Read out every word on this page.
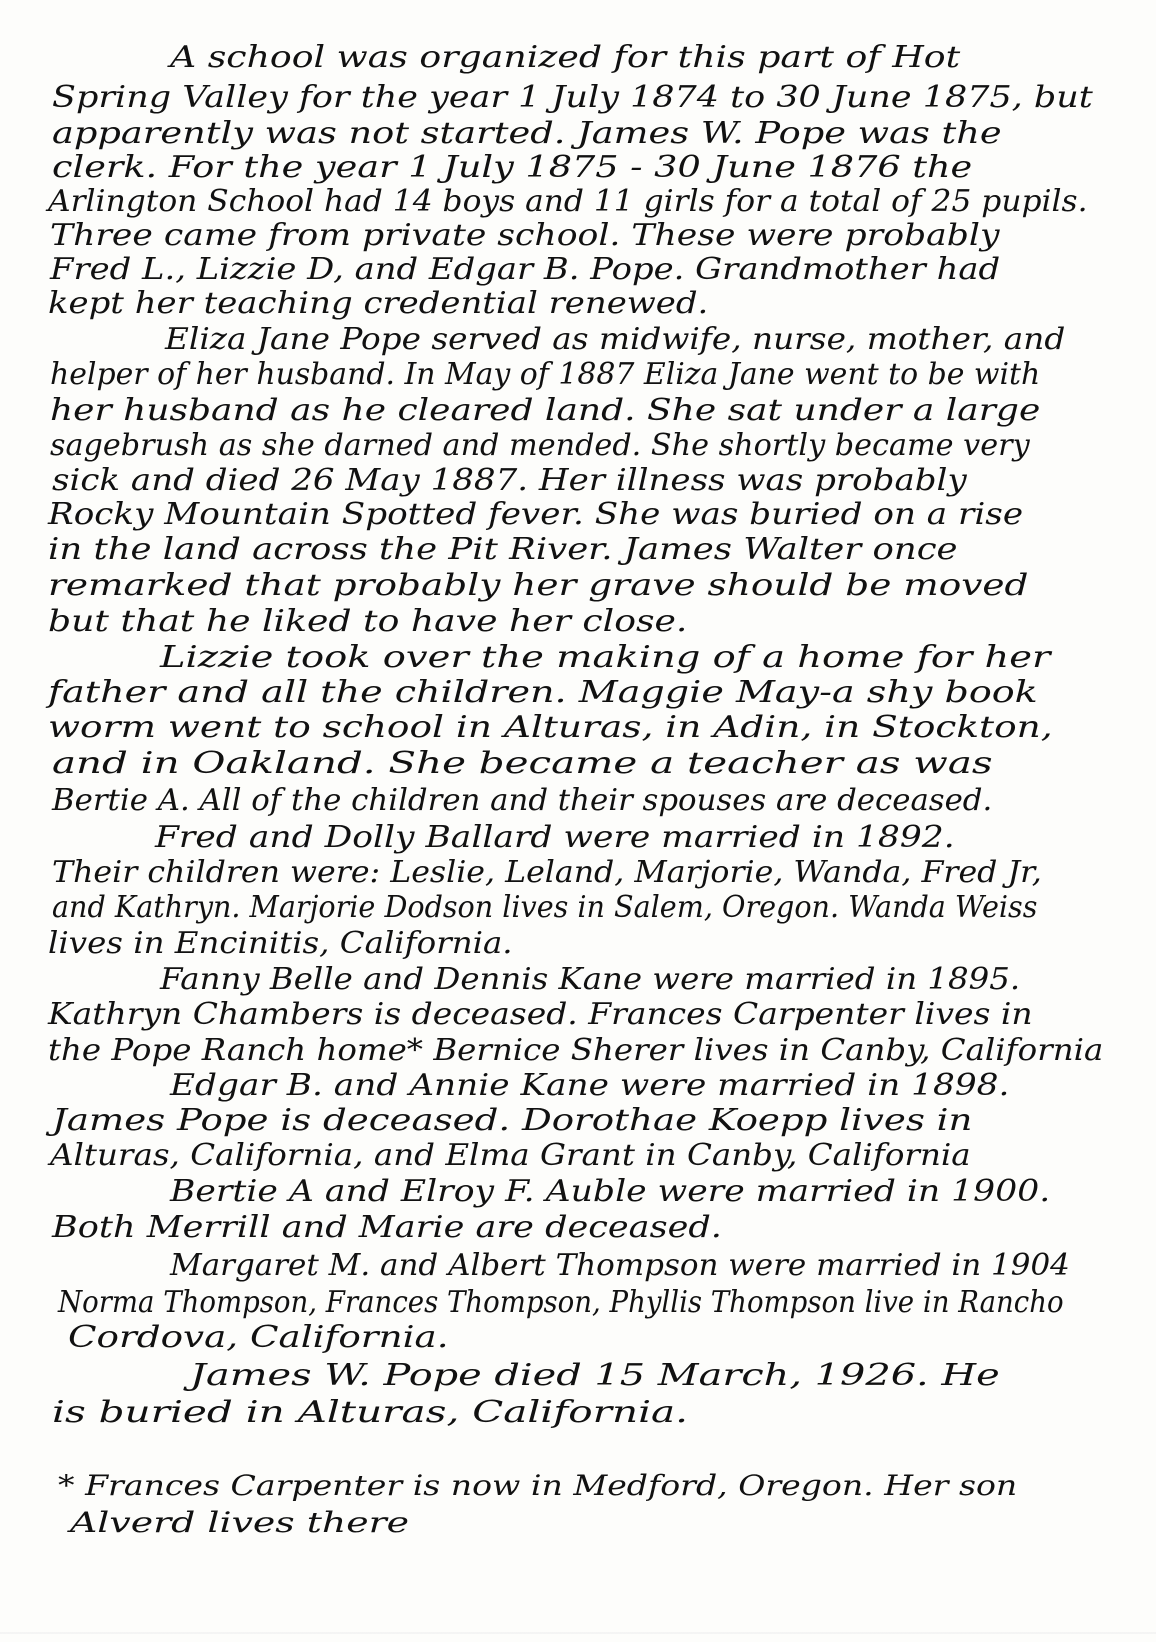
A school was organized for this part of Hot
Spring Valley for the year 1 July 1874 to 30 June 1875, but
apparently was not started. James W. Pope was the
clerk. For the year 1 July 1875 - 30 June 1876 the
Arlington School had 14 boys and 11 girls for a total of 25 pupils.
Three came from private school. These were probably
Fred L., Lizzie D, and Edgar B. Pope. Grandmother had
kept her teaching credential renewed.
Eliza Jane Pope served as midwife, nurse, mother, and
helper of her husband. In May of 1887 Eliza Jane went to be with
her husband as he cleared land. She sat under a large
sagebrush as she darned and mended. She shortly became very
sick and died 26 May 1887. Her illness was probably
Rocky Mountain Spotted fever. She was buried on a rise
in the land across the Pit River. James Walter once
remarked that probably her grave should be moved
but that he liked to have her close.
Lizzie took over the making of a home for her
father and all the children. Maggie May-a shy book
worm went to school in Alturas, in Adin, in Stockton,
and in Oakland. She became a teacher as was
Bertie A. All of the children and their spouses are deceased.
Fred and Dolly Ballard were married in 1892.
Their children were: Leslie, Leland, Marjorie, Wanda, Fred Jr,
and Kathryn. Marjorie Dodson lives in Salem, Oregon. Wanda Weiss
lives in Encinitis, California.
Fanny Belle and Dennis Kane were married in 1895.
Kathryn Chambers is deceased. Frances Carpenter lives in
the Pope Ranch home* Bernice Sherer lives in Canby, California
Edgar B. and Annie Kane were married in 1898.
James Pope is deceased. Dorothae Koepp lives in
Alturas, California, and Elma Grant in Canby, California
Bertie A and Elroy F. Auble were married in 1900.
Both Merrill and Marie are deceased.
Margaret M. and Albert Thompson were married in 1904
Norma Thompson, Frances Thompson, Phyllis Thompson live in Rancho
Cordova, California.
James W. Pope died 15 March, 1926. He
is buried in Alturas, California.
* Frances Carpenter is now in Medford, Oregon. Her son
Alverd lives there
